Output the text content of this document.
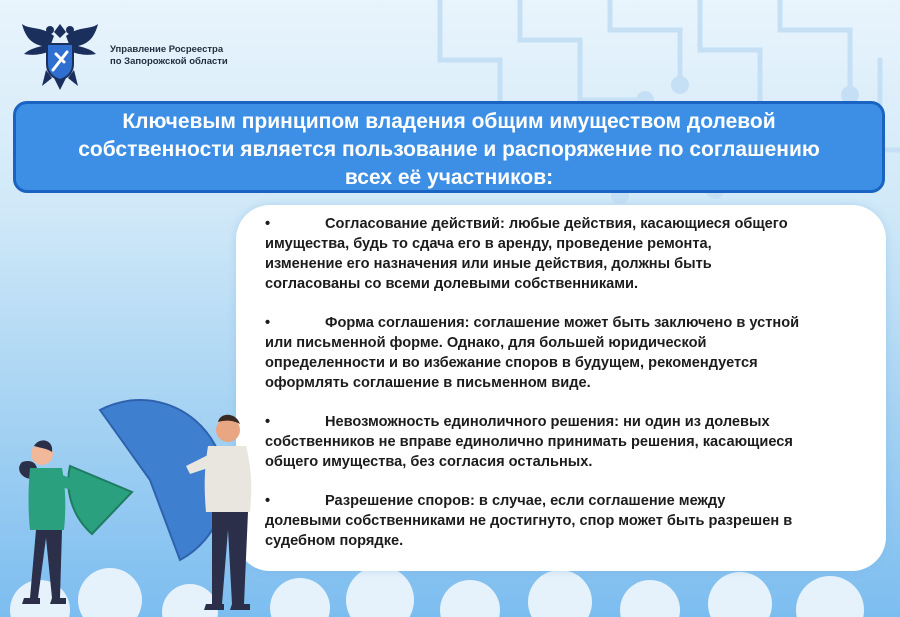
Управление Росреестра
по Запорожской области
Ключевым принципом владения общим имуществом долевой
собственности является пользование и распоряжение по соглашению
всех её участников:
•	Согласование действий: любые действия, касающиеся общего
имущества, будь то сдача его в аренду, проведение ремонта,
изменение его назначения или иные действия, должны быть
согласованы со всеми долевыми собственниками.
•	Форма соглашения: соглашение может быть заключено в устной
или письменной форме. Однако, для большей юридической
определенности и во избежание споров в будущем, рекомендуется
оформлять соглашение в письменном виде.
•	Невозможность единоличного решения: ни один из долевых
собственников не вправе единолично принимать решения, касающиеся
общего имущества, без согласия остальных.
•	Разрешение споров: в случае, если соглашение между
долевыми собственниками не достигнуто, спор может быть разрешен в
судебном порядке.
